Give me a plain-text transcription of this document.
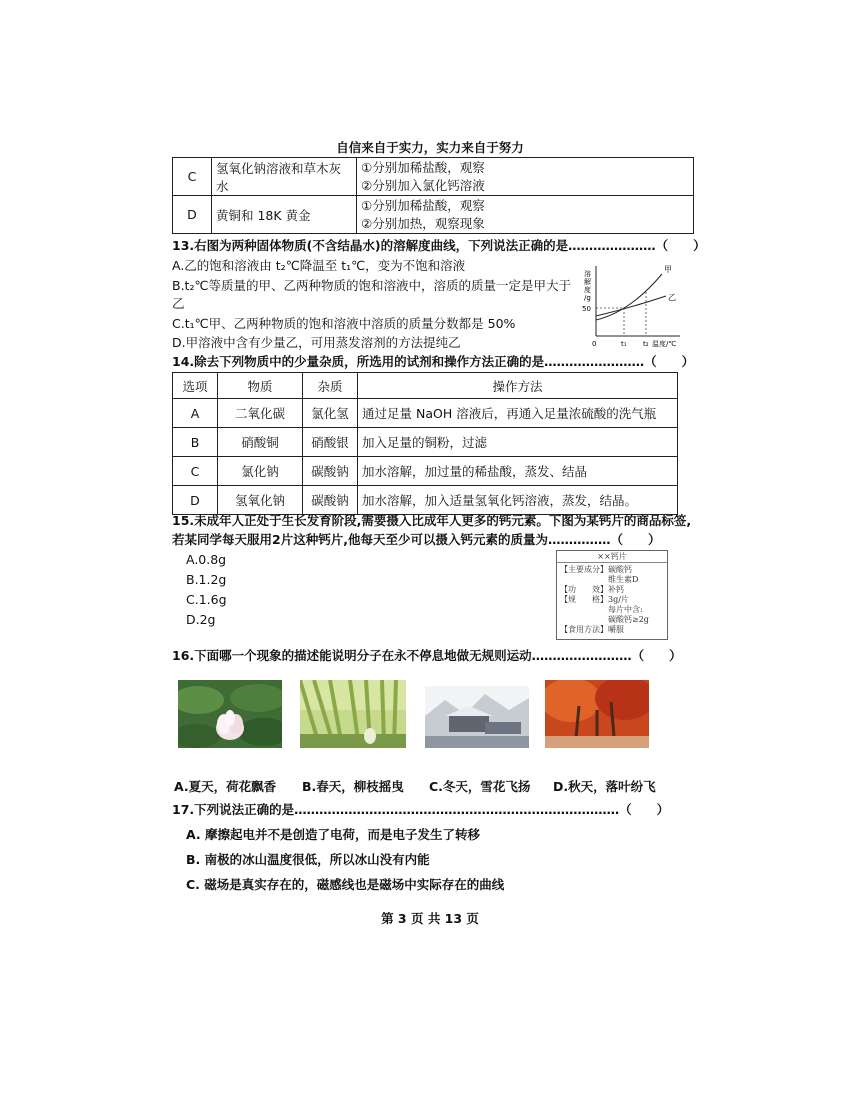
自信来自于实力，实力来自于努力
C	氢氧化钠溶液和草木灰水	①分别加稀盐酸，观察
②分别加入氯化钙溶液

D	黄铜和 18K 黄金	①分别加稀盐酸，观察
②分别加热，观察现象
13.右图为两种固体物质(不含结晶水)的溶解度曲线，下列说法正确的是…………………（　　）
A.乙的饱和溶液由 t₂℃降温至 t₁℃，变为不饱和溶液
B.t₂℃等质量的甲、乙两种物质的饱和溶液中，溶质的质量一定是甲大于
乙
C.t₁℃甲、乙两种物质的饱和溶液中溶质的质量分数都是 50%
D.甲溶液中含有少量乙，可用蒸发溶剂的方法提纯乙
溶
解
度
/g
50
0	t₁ t₂ 温度/℃
甲
乙
14.除去下列物质中的少量杂质，所选用的试剂和操作方法正确的是……………………（　　）
选项	物质	杂质	操作方法
A	二氧化碳	氯化氢	通过足量 NaOH 溶液后，再通入足量浓硫酸的洗气瓶
B	硝酸铜	硝酸银	加入足量的铜粉，过滤
C	氯化钠	碳酸钠	加水溶解，加过量的稀盐酸，蒸发、结晶
D	氢氧化钠	碳酸钠	加水溶解，加入适量氢氧化钙溶液，蒸发，结晶。
15.未成年人正处于生长发育阶段,需要摄入比成年人更多的钙元素。下图为某钙片的商品标签,
若某同学每天服用2片这种钙片,他每天至少可以摄入钙元素的质量为……………（　　）
A.0.8g
B.1.2g
C.1.6g
D.2g
××钙片
【主要成分】碳酸钙
　　　　　　维生素D
【功　　效】补钙
【规　　格】3g/片
　　　　　　每片中含:
　　　　　　碳酸钙≥2g
【食用方法】嚼服
16.下面哪一个现象的描述能说明分子在永不停息地做无规则运动……………………（　　）
A.夏天，荷花飘香 B.春天，柳枝摇曳 C.冬天，雪花飞扬 D.秋天，落叶纷飞
17.下列说法正确的是……………………………………………………………………（　　）
A. 摩擦起电并不是创造了电荷，而是电子发生了转移
B. 南极的冰山温度很低，所以冰山没有内能
C. 磁场是真实存在的，磁感线也是磁场中实际存在的曲线
第 3 页 共 13 页
